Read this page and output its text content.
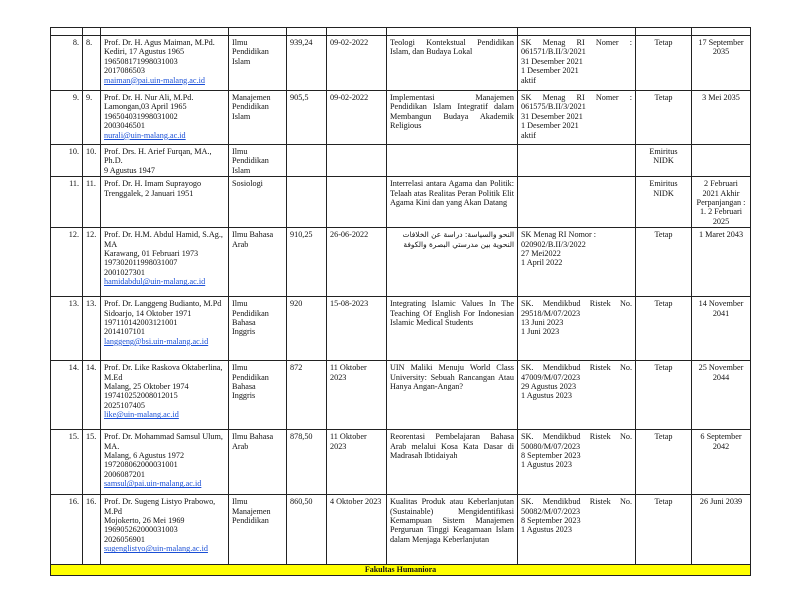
8.	8.	Prof. Dr. H. Agus Maiman, M.Pd.
Kediri, 17 Agustus 1965
196508171998031003
2017086503
maiman@pai.uin-malang.ac.id	Ilmu
Pendidikan
Islam	939,24	09-02-2022	Teologi Kontekstual Pendidikan Islam, dan Budaya Lokal	SK Menag RI Nomer : 061571/B.II/3/2021
31 Desember 2021
1 Desember 2021
aktif	Tetap	17 September 2035
9.	9.	Prof. Dr. H. Nur Ali, M.Pd.
Lamongan,03 April 1965
196504031998031002
2003046501
nurali@uin-malang.ac.id	Manajemen
Pendidikan
Islam	905,5	09-02-2022	Implementasi Manajemen Pendidikan Islam Integratif dalam Membangun Budaya Akademik Religious	SK Menag RI Nomer : 061575/B.II/3/2021
31 Desember 2021
1 Desember 2021
aktif	Tetap	3 Mei 2035
10.	10.	Prof. Drs. H. Arief Furqan, MA., Ph.D.
9 Agustus 1947	Ilmu
Pendidikan
Islam					Emiritus NIDK	
11.	11.	Prof. Dr. H. Imam Suprayogo
Trenggalek, 2 Januari 1951	Sosiologi			Interrelasi antara Agama dan Politik: Telaah atas Realitas Peran Politik Elit Agama Kini dan yang Akan Datang		Emiritus NIDK	2 Februari 2021 Akhir Perpanjangan : 1. 2 Februari 2025
12.	12.	Prof. Dr. H.M. Abdul Hamid, S.Ag., MA
Karawang, 01 Februari 1973
197302011998031007
2001027301
hamidabdul@uin-malang.ac.id	Ilmu Bahasa
Arab	910,25	26-06-2022	النحو والسياسة: دراسة عن الخلافات النحوية بين مدرستي البصرة والكوفة	SK Menag RI Nomor :
020902/B.II/3/2022
27 Mei2022
1 April 2022	Tetap	1 Maret 2043
13.	13.	Prof. Dr. Langgeng Budianto, M.Pd
Sidoarjo, 14 Oktober 1971
197110142003121001
2014107101
langgeng@bsi.uin-malang.ac.id	Ilmu
Pendidikan
Bahasa
Inggris	920	15-08-2023	Integrating Islamic Values In The Teaching Of English For Indonesian Islamic Medical Students	SK. Mendikbud Ristek No. 29518/M/07/2023
13 Juni 2023
1 Juni 2023	Tetap	14 November 2041
14.	14.	Prof. Dr. Like Raskova Oktaberlina, M.Ed
Malang, 25 Oktober 1974
197410252008012015
2025107405
like@uin-malang.ac.id	Ilmu
Pendidikan
Bahasa
Inggris	872	11 Oktober 2023	UIN Maliki Menuju World Class University: Sebuah Rancangan Atau Hanya Angan-Angan?	SK. Mendikbud Ristek No. 47009/M/07/2023
29 Agustus 2023
1 Agustus 2023	Tetap	25 November 2044
15.	15.	Prof. Dr. Mohammad Samsul Ulum, MA.
Malang, 6 Agustus 1972
197208062000031001
2006087201
samsul@pai.uin-malang.ac.id	Ilmu Bahasa
Arab	878,50	11 Oktober 2023	Reorentasi Pembelajaran Bahasa Arab melalui Kosa Kata Dasar di Madrasah Ibtidaiyah	SK. Mendikbud Ristek No. 50080/M/07/2023
8 September 2023
1 Agustus 2023	Tetap	6 September 2042
16.	16.	Prof. Dr. Sugeng Listyo Prabowo, M.Pd
Mojokerto, 26 Mei 1969
196905262000031003
2026056901
sugenglistyo@uin-malang.ac.id	Ilmu
Manajemen
Pendidikan	860,50	4 Oktober 2023	Kualitas Produk atau Keberlanjutan (Sustainable) Mengidentifikasi Kemampuan Sistem Manajemen Perguruan Tinggi Keagamaan Islam dalam Menjaga Keberlanjutan	SK. Mendikbud Ristek No. 50082/M/07/2023
8 September 2023
1 Agustus 2023	Tetap	26 Juni 2039
Fakultas Humaniora									
